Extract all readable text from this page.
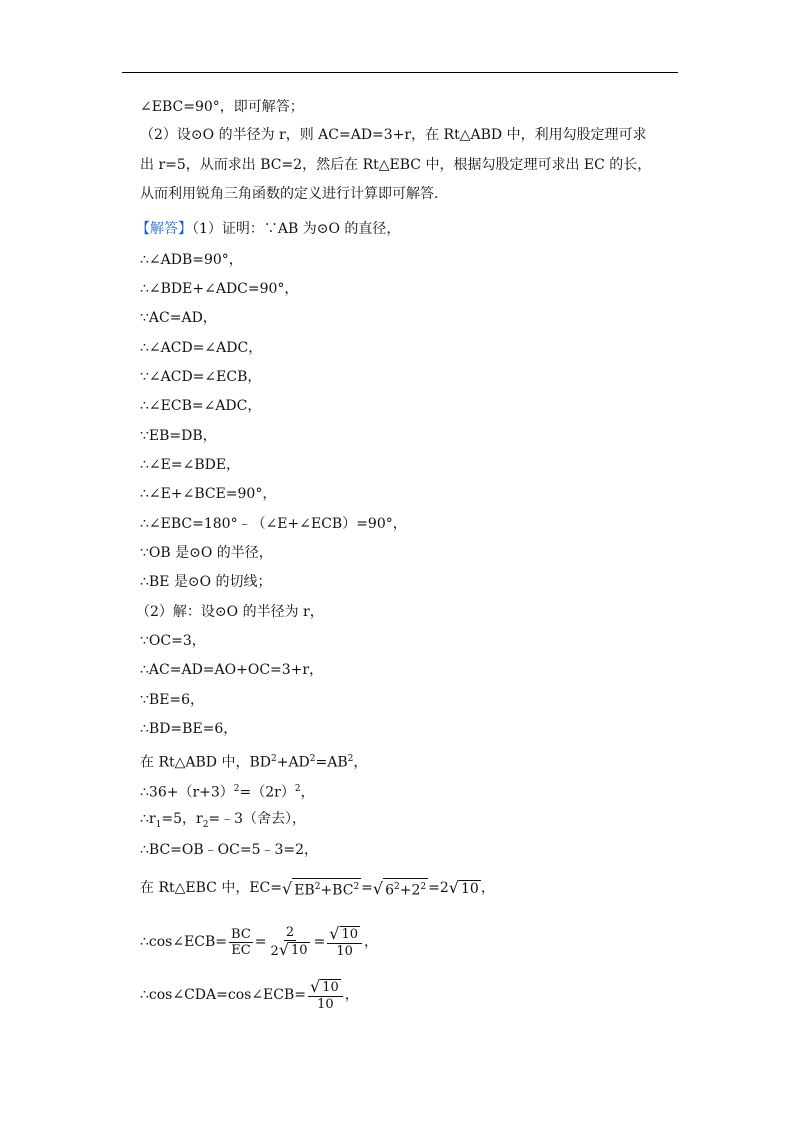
∠EBC=90°，即可解答；
（2）设⊙O 的半径为 r，则 AC=AD=3+r，在 Rt△ABD 中，利用勾股定理可求出 r=5，从而求出 BC=2，然后在 Rt△EBC 中，根据勾股定理可求出 EC 的长，从而利用锐角三角函数的定义进行计算即可解答.
【解答】（1）证明：∵AB 为⊙O 的直径，
∴∠ADB=90°，
∴∠BDE+∠ADC=90°，
∵AC=AD，
∴∠ACD=∠ADC，
∵∠ACD=∠ECB，
∴∠ECB=∠ADC，
∵EB=DB，
∴∠E=∠BDE，
∴∠E+∠BCE=90°，
∴∠EBC=180°﹣（∠E+∠ECB）=90°，
∵OB 是⊙O 的半径，
∴BE 是⊙O 的切线；
（2）解：设⊙O 的半径为 r，
∵OC=3，
∴AC=AD=AO+OC=3+r，
∵BE=6，
∴BD=BE=6，
在 Rt△ABD 中，$BD^2+AD^2=AB^2$，
$\therefore 36+(r+3)^2=(2r)^2$，
$\therefore r_1=5$，$r_2=﹣3$（舍去），
∴BC=OB﹣OC=5﹣3=2，
在 Rt△EBC 中，EC= √ $EB^2+BC^2$ = √ $6^2+2^2 =2$ √ 10 ，
∴cos∠ECB= $\frac{BC}{EC} = \frac{2}{2 √ 10} = \frac{√ 10}{10}$ ，
∴cos∠CDA=cos∠ECB= $\frac{√ 10}{10}$ ，
